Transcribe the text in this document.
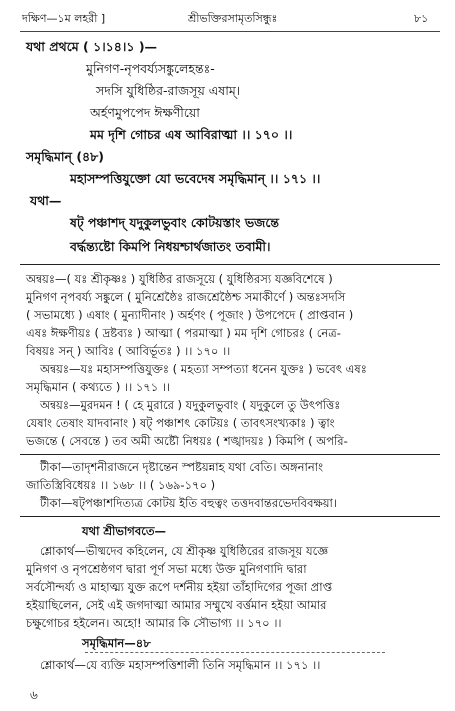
দক্ষিণ—১ম লহরী ]	শ্রীভক্তিরসামৃতসিন্ধুঃ	৮১
যথা প্রথমে ( ১।১৪।১ )—
মুনিগণ-নৃপবর্য্যসঙ্কুলেহন্তঃ-
সদসি যুধিষ্ঠির-রাজসূয় এষাম্।
অর্হণমুপপেদ ঈক্ষণীয়ো
মম দৃশি গোচর এষ আবিরাত্মা ।। ১৭০ ।।
সমৃদ্ধিমান্ (৪৮)
মহাসম্পত্তিযুক্তো যো ভবেদেষ সমৃদ্ধিমান্ ।। ১৭১ ।।
যথা—
ষট্ পঞ্চাশদ্ যদুকুলভুবাং কোটয়স্তাং ভজন্তে
বর্দ্ধন্ত্যষ্টো কিমপি নিধয়শ্চার্থজাতং তবামী।
অন্বয়ঃ—( যঃ শ্রীকৃষ্ণঃ ) যুধিষ্ঠির রাজসূয়ে ( যুধিষ্ঠিরস্য যজ্ঞবিশেষে )
মুনিগণ নৃপবর্য্য সঙ্কুলে ( মুনিশ্রেষ্ঠৈঃ রাজশ্রেষ্ঠৈশ্চ সমাকীর্ণে ) অন্তঃসদসি
( সভামধ্যে ) এষাং ( মুন্যাদীনাং ) অর্হণং ( পূজাং ) উপপেদে ( প্রাপ্তবান )
এষঃ ঈক্ষণীয়ঃ ( দ্রষ্টব্যঃ ) আত্মা ( পরমাত্মা ) মম দৃশি গোচরঃ ( নেত্র-
বিষয়ঃ সন্ ) আবিঃ ( আবির্ভূতঃ ) ।। ১৭০ ।।
অন্বয়ঃ—যঃ মহাসম্পত্তিযুক্তঃ ( মহত্যা সম্পত্যা ধনেন যুক্তঃ ) ভবেৎ এষঃ
সমৃদ্ধিমান ( কথ্যতে ) ।। ১৭১ ।।
অন্বয়ঃ—মুরদমন ! ( হে মুরারে ) যদুকুলভুবাং ( যদুকুলে তু উৎপত্তিঃ
যেষাং তেষাং যাদবানাং ) ষট্ পঞ্চাশৎ কোটয়ঃ ( তাবৎসংখ্যকাঃ ) ত্বাং
ভজন্তে ( সেবন্তে ) তব অমী অষ্টৌ নিধয়ঃ ( শঙ্খাদয়ঃ ) কিমপি ( অপরি-
টীকা—তাদৃশনীরাজনে দৃষ্টান্তেন স্পষ্টয়ন্নাহ যথা বেতি। অঙ্গনানাং
জাতিস্ত্রিবিধেয়ঃ ।। ১৬৮ ।। ( ১৬৯-১৭০ )
টীকা—ষট্পঞ্চাশদিত্যত্র কোটয় ইতি বহুত্বং তত্তদবান্তরভেদবিবক্ষয়া।
যথা শ্রীভাগবতে—
শ্লোকার্থ—ভীষ্মদেব কহিলেন, যে শ্রীকৃষ্ণ যুধিষ্ঠিরের রাজসূয় যজ্ঞে
মুনিগণ ও নৃপশ্রেষ্ঠগণ দ্বারা পূর্ণ সভা মধ্যে উক্ত মুনিগণাদি দ্বারা
সর্বসৌন্দর্য্য ও মাহাত্ম্য যুক্ত রূপে দর্শনীয় হইয়া তাঁহাদিগের পূজা প্রাপ্ত
হইয়াছিলেন, সেই এই জগদাত্মা আমার সম্মুখে বর্ত্তমান হইয়া আমার
চক্ষুগোচর হইলেন। অহো! আমার কি সৌভাগ্য ।। ১৭০ ।।
সমৃদ্ধিমান—৪৮
শ্লোকার্থ—যে ব্যক্তি মহাসম্পত্তিশালী তিনি সমৃদ্ধিমান ।। ১৭১ ।।
৬
